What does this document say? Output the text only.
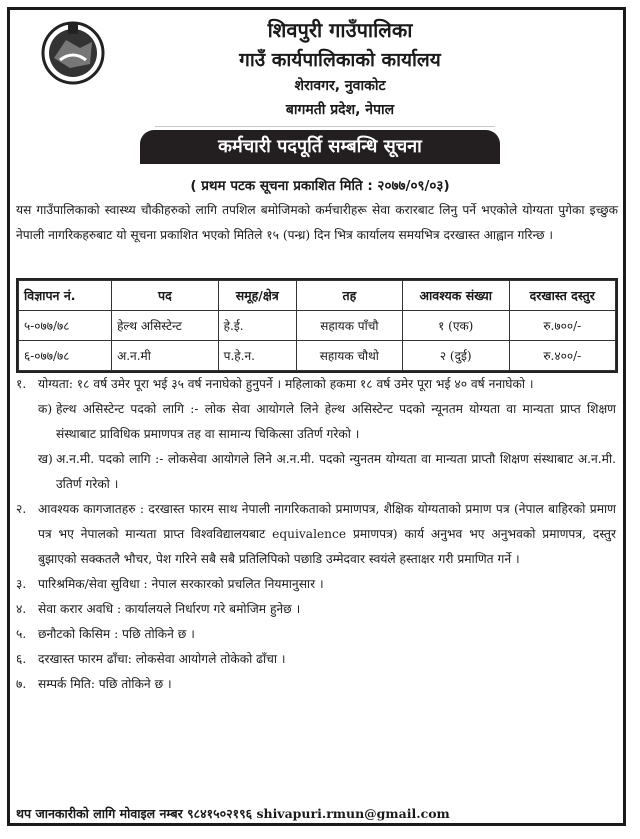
शिवपुरी गाउँपालिका
गाउँ कार्यपालिकाको कार्यालय
शेरावगर, नुवाकोट
बागमती प्रदेश, नेपाल
कर्मचारी पदपूर्ति सम्बन्धि सूचना
( प्रथम पटक सूचना प्रकाशित मिति : २०७७/०९/०३)
यस गाउँपालिकाको स्वास्थ्य चौकीहरुको लागि तपशिल बमोजिमको कर्मचारीहरू सेवा करारबाट लिनु पर्ने भएकोले योग्यता पुगेका इच्छुक नेपाली नागरिकहरुबाट यो सूचना प्रकाशित भएको मितिले १५ (पन्ध्र) दिन भित्र कार्यालय समयभित्र दरखास्त आह्वान गरिन्छ ।
विज्ञापन नं.	पद	समूह/क्षेत्र	तह	आवश्यक संख्या	दरखास्त दस्तुर
५-०७७/७८	हेल्थ असिस्टेन्ट	हे.ई.	सहायक पाँचौ	१ (एक)	रु.७००/-
६-०७७/७८	अ.न.मी	प.हे.न.	सहायक चौथो	२ (दुई)	रु.४००/-
१. योग्यता: १८ वर्ष उमेर पूरा भई ३५ वर्ष ननाघेको हुनुपर्ने । महिलाको हकमा १८ वर्ष उमेर पूरा भई ४० वर्ष ननाघेको ।
क) हेल्थ असिस्टेन्ट पदको लागि :- लोक सेवा आयोगले लिने हेल्थ असिस्टेन्ट पदको न्यूनतम योग्यता वा मान्यता प्राप्त शिक्षण संस्थाबाट प्राविधिक प्रमाणपत्र तह वा सामान्य चिकित्सा उतिर्ण गरेको ।
ख) अ.न.मी. पदको लागि :- लोकसेवा आयोगले लिने अ.न.मी. पदको न्युनतम योग्यता वा मान्यता प्राप्तौ शिक्षण संस्थाबाट अ.न.मी. उतिर्ण गरेको ।
२. आवश्यक कागजातहरु : दरखास्त फारम साथ नेपाली नागरिकताको प्रमाणपत्र, शैक्षिक योग्यताको प्रमाण पत्र (नेपाल बाहिरको प्रमाण पत्र भए नेपालको मान्यता प्राप्त विश्वविद्यालयबाट equivalence प्रमाणपत्र) कार्य अनुभव भए अनुभवको प्रमाणपत्र, दस्तुर बुझाएको सक्कतलै भौचर, पेश गरिने सबै सबै प्रतिलिपिको पछाडि उम्मेदवार स्वयंले हस्ताक्षर गरी प्रमाणित गर्ने ।
३. पारिश्रमिक/सेवा सुविधा : नेपाल सरकारको प्रचलित नियमानुसार ।
४. सेवा करार अवधि : कार्यालयले निर्धारण गरे बमोजिम हुनेछ ।
५. छनौटको किसिम : पछि तोकिने छ ।
६. दरखास्त फारम ढाँचा: लोकसेवा आयोगले तोकेको ढाँचा ।
७. सम्पर्क मिति: पछि तोकिने छ ।
थप जानकारीको लागि मोवाइल नम्बर ९८४१५०२१९६ shivapuri.rmun@gmail.com
